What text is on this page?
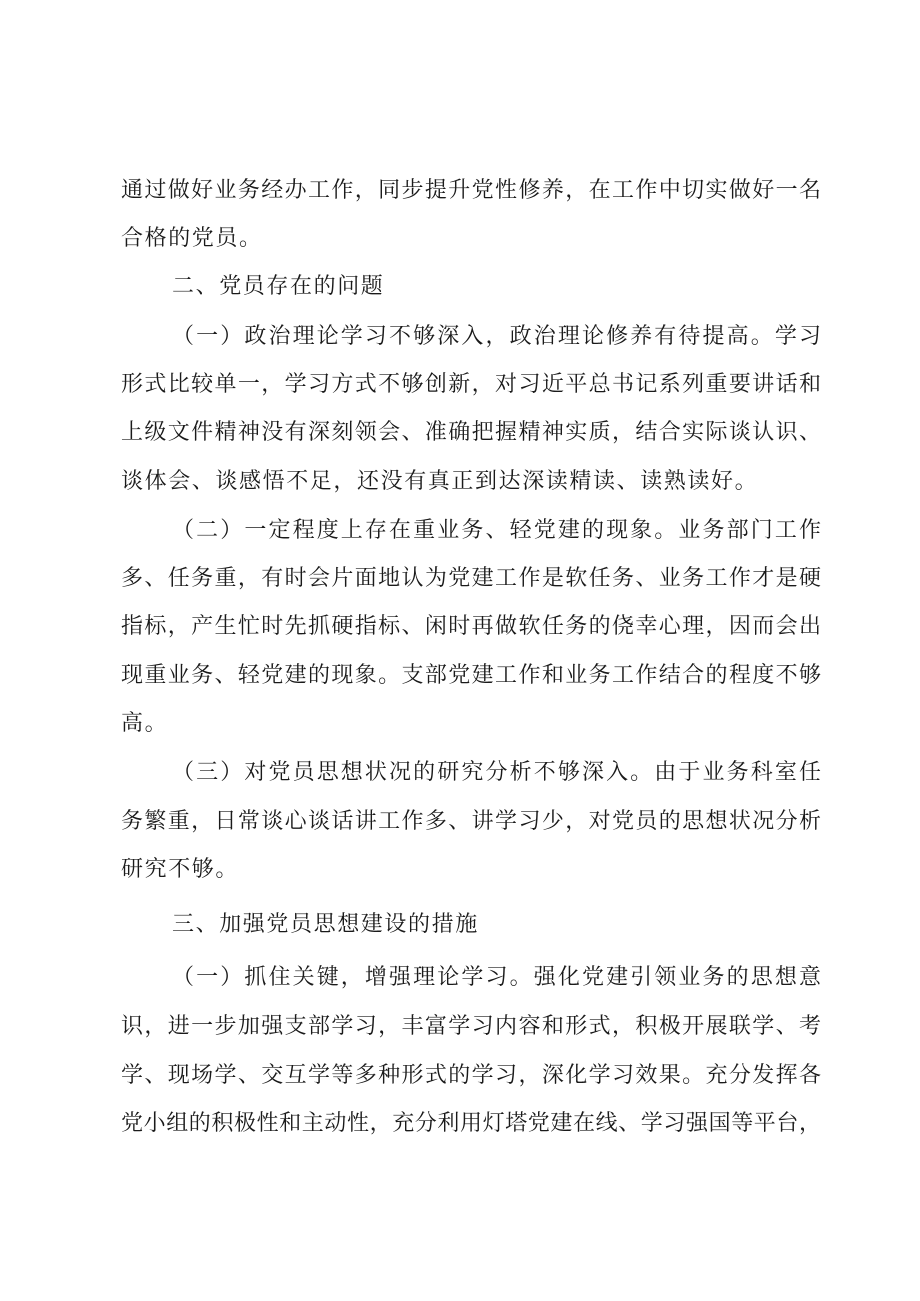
通过做好业务经办工作，同步提升党性修养，在工作中切实做好一名
合格的党员。
二、党员存在的问题
（一）政治理论学习不够深入，政治理论修养有待提高。学习
形式比较单一，学习方式不够创新，对习近平总书记系列重要讲话和
上级文件精神没有深刻领会、准确把握精神实质，结合实际谈认识、
谈体会、谈感悟不足，还没有真正到达深读精读、读熟读好。
（二）一定程度上存在重业务、轻党建的现象。业务部门工作
多、任务重，有时会片面地认为党建工作是软任务、业务工作才是硬
指标，产生忙时先抓硬指标、闲时再做软任务的侥幸心理，因而会出
现重业务、轻党建的现象。支部党建工作和业务工作结合的程度不够
高。
（三）对党员思想状况的研究分析不够深入。由于业务科室任
务繁重，日常谈心谈话讲工作多、讲学习少，对党员的思想状况分析
研究不够。
三、加强党员思想建设的措施
（一）抓住关键，增强理论学习。强化党建引领业务的思想意
识，进一步加强支部学习，丰富学习内容和形式，积极开展联学、考
学、现场学、交互学等多种形式的学习，深化学习效果。充分发挥各
党小组的积极性和主动性，充分利用灯塔党建在线、学习强国等平台，
